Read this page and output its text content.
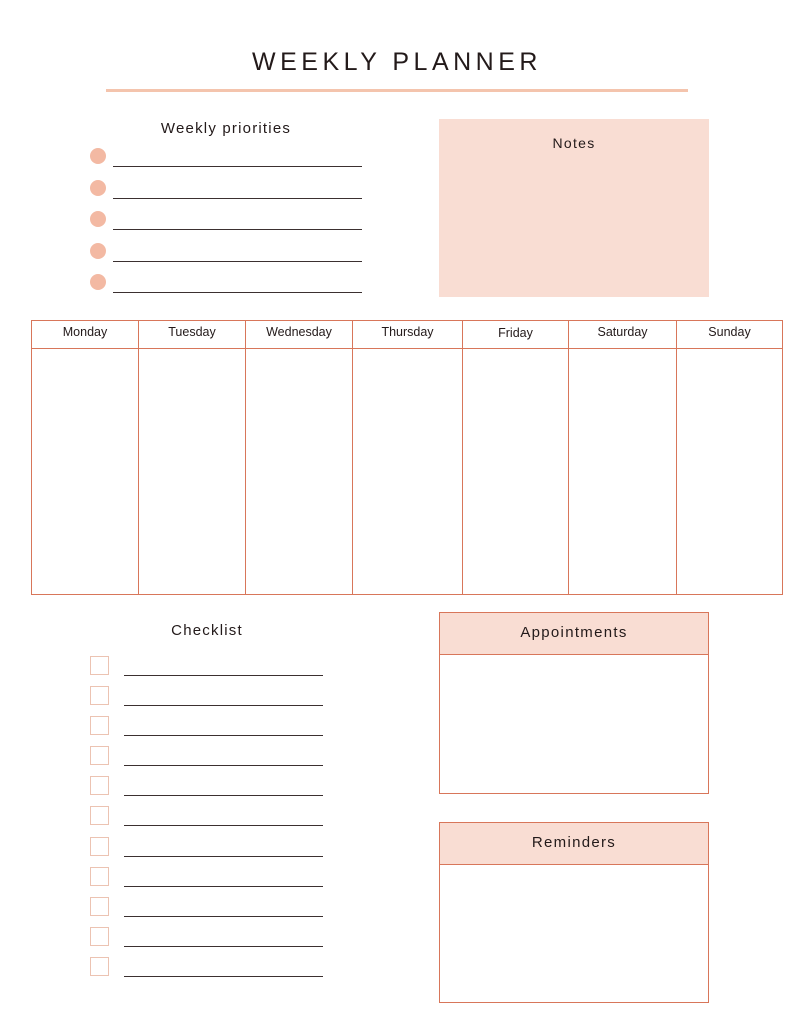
WEEKLY PLANNER
Weekly priorities
Notes
Monday	Tuesday	Wednesday	Thursday	Friday	Saturday	Sunday
Checklist	Appointments
Reminders
